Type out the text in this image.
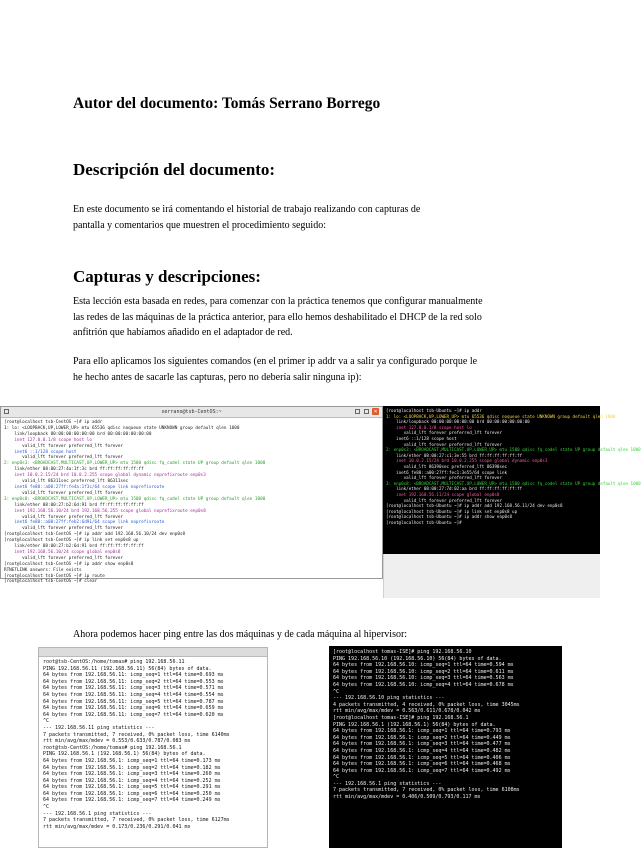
Autor del documento: Tomás Serrano Borrego
Descripción del documento:
En este documento se irá comentando el historial de trabajo realizando con capturas de
pantalla y comentarios que muestren el procedimiento seguido:
Capturas y descripciones:
Esta lección esta basada en redes, para comenzar con la práctica tenemos que configurar manualmente
las redes de las máquinas de la práctica anterior, para ello hemos deshabilitado el DHCP de la red solo
anfitrión que habíamos añadido en el adaptador de red.
Para ello aplicamos los siguientes comandos (en el primer ip addr va a salir ya configurado porque le
he hecho antes de sacarle las capturas, pero no debería salir ninguna ip):
serrano@tsb-CentOS:~	×
[root@localhost tsb-CentOS ~]# ip addr
1: lo: <LOOPBACK,UP,LOWER_UP> mtu 65536 qdisc noqueue state UNKNOWN group default qlen 1000
link/loopback 00:00:00:00:00:00 brd 00:00:00:00:00:00
inet 127.0.0.1/8 scope host lo
valid_lft forever preferred_lft forever
inet6 ::1/128 scope host
valid_lft forever preferred_lft forever
2: enp0s3: <BROADCAST,MULTICAST,UP,LOWER_UP> mtu 1500 qdisc fq_codel state UP group default qlen 1000
link/ether 08:00:27:4a:1f:3c brd ff:ff:ff:ff:ff:ff
inet 10.0.2.15/24 brd 10.0.2.255 scope global dynamic noprefixroute enp0s3
valid_lft 86311sec preferred_lft 86311sec
inet6 fe80::a00:27ff:fe4a:1f3c/64 scope link noprefixroute
valid_lft forever preferred_lft forever
3: enp0s8: <BROADCAST,MULTICAST,UP,LOWER_UP> mtu 1500 qdisc fq_codel state UP group default qlen 1000
link/ether 08:00:27:b2:6d:91 brd ff:ff:ff:ff:ff:ff
inet 192.168.56.10/24 brd 192.168.56.255 scope global noprefixroute enp0s8
valid_lft forever preferred_lft forever
inet6 fe80::a00:27ff:feb2:6d91/64 scope link noprefixroute
valid_lft forever preferred_lft forever
[root@localhost tsb-CentOS ~]# ip addr add 192.168.56.10/24 dev enp0s8
[root@localhost tsb-CentOS ~]# ip link set enp0s8 up
link/ether 08:00:27:b2:6d:91 brd ff:ff:ff:ff:ff:ff
inet 192.168.56.10/24 scope global enp0s8
valid_lft forever preferred_lft forever
[root@localhost tsb-CentOS ~]# ip addr show enp0s8
RTNETLINK answers: File exists
[root@localhost tsb-CentOS ~]# ip route
[root@localhost tsb-CentOS ~]# clear
[root@localhost tsb-Ubuntu ~]# ip addr
1: lo: <LOOPBACK,UP,LOWER_UP> mtu 65536 qdisc noqueue state UNKNOWN group default qlen 1000
link/loopback 00:00:00:00:00:00 brd 00:00:00:00:00:00
inet 127.0.0.1/8 scope host lo
valid_lft forever preferred_lft forever
inet6 ::1/128 scope host
valid_lft forever preferred_lft forever
2: enp0s3: <BROADCAST,MULTICAST,UP,LOWER_UP> mtu 1500 qdisc fq_codel state UP group default qlen 1000
link/ether 08:00:27:c1:3e:55 brd ff:ff:ff:ff:ff:ff
inet 10.0.2.15/24 brd 10.0.2.255 scope global dynamic enp0s3
valid_lft 86390sec preferred_lft 86390sec
inet6 fe80::a00:27ff:fec1:3e55/64 scope link
valid_lft forever preferred_lft forever
3: enp0s8: <BROADCAST,MULTICAST,UP,LOWER_UP> mtu 1500 qdisc fq_codel state UP group default qlen 1000
link/ether 08:00:27:7d:02:aa brd ff:ff:ff:ff:ff:ff
inet 192.168.56.11/24 scope global enp0s8
valid_lft forever preferred_lft forever
[root@localhost tsb-Ubuntu ~]# ip addr add 192.168.56.11/24 dev enp0s8
[root@localhost tsb-Ubuntu ~]# ip link set enp0s8 up
[root@localhost tsb-Ubuntu ~]# ip addr show enp0s8
[root@localhost tsb-Ubuntu ~]#
Ahora podemos hacer ping entre las dos máquinas y de cada máquina al hipervisor:
root@tsb-CentOS:/home/tomas# ping 192.168.56.11
PING 192.168.56.11 (192.168.56.11) 56(84) bytes of data.
64 bytes from 192.168.56.11: icmp_seq=1 ttl=64 time=0.693 ms
64 bytes from 192.168.56.11: icmp_seq=2 ttl=64 time=0.553 ms
64 bytes from 192.168.56.11: icmp_seq=3 ttl=64 time=0.571 ms
64 bytes from 192.168.56.11: icmp_seq=4 ttl=64 time=0.554 ms
64 bytes from 192.168.56.11: icmp_seq=5 ttl=64 time=0.787 ms
64 bytes from 192.168.56.11: icmp_seq=6 ttl=64 time=0.659 ms
64 bytes from 192.168.56.11: icmp_seq=7 ttl=64 time=0.620 ms
^C
--- 192.168.56.11 ping statistics ---
7 packets transmitted, 7 received, 0% packet loss, time 6140ms
rtt min/avg/max/mdev = 0.553/0.633/0.787/0.083 ms
root@tsb-CentOS:/home/tomas# ping 192.168.56.1
PING 192.168.56.1 (192.168.56.1) 56(84) bytes of data.
64 bytes from 192.168.56.1: icmp_seq=1 ttl=64 time=0.173 ms
64 bytes from 192.168.56.1: icmp_seq=2 ttl=64 time=0.182 ms
64 bytes from 192.168.56.1: icmp_seq=3 ttl=64 time=0.260 ms
64 bytes from 192.168.56.1: icmp_seq=4 ttl=64 time=0.252 ms
64 bytes from 192.168.56.1: icmp_seq=5 ttl=64 time=0.291 ms
64 bytes from 192.168.56.1: icmp_seq=6 ttl=64 time=0.250 ms
64 bytes from 192.168.56.1: icmp_seq=7 ttl=64 time=0.249 ms
^C
--- 192.168.56.1 ping statistics ---
7 packets transmitted, 7 received, 0% packet loss, time 6127ms
rtt min/avg/max/mdev = 0.173/0.236/0.291/0.041 ms
[root@localhost tomas-ISE]# ping 192.168.56.10
PING 192.168.56.10 (192.168.56.10) 56(84) bytes of data.
64 bytes from 192.168.56.10: icmp_seq=1 ttl=64 time=0.594 ms
64 bytes from 192.168.56.10: icmp_seq=2 ttl=64 time=0.611 ms
64 bytes from 192.168.56.10: icmp_seq=3 ttl=64 time=0.563 ms
64 bytes from 192.168.56.10: icmp_seq=4 ttl=64 time=0.678 ms
^C
--- 192.168.56.10 ping statistics ---
4 packets transmitted, 4 received, 0% packet loss, time 3045ms
rtt min/avg/max/mdev = 0.563/0.611/0.678/0.042 ms
[root@localhost tomas-ISE]# ping 192.168.56.1
PING 192.168.56.1 (192.168.56.1) 56(84) bytes of data.
64 bytes from 192.168.56.1: icmp_seq=1 ttl=64 time=0.793 ms
64 bytes from 192.168.56.1: icmp_seq=2 ttl=64 time=0.449 ms
64 bytes from 192.168.56.1: icmp_seq=3 ttl=64 time=0.477 ms
64 bytes from 192.168.56.1: icmp_seq=4 ttl=64 time=0.482 ms
64 bytes from 192.168.56.1: icmp_seq=5 ttl=64 time=0.406 ms
64 bytes from 192.168.56.1: icmp_seq=6 ttl=64 time=0.468 ms
64 bytes from 192.168.56.1: icmp_seq=7 ttl=64 time=0.492 ms
^C
--- 192.168.56.1 ping statistics ---
7 packets transmitted, 7 received, 0% packet loss, time 6108ms
rtt min/avg/max/mdev = 0.406/0.509/0.793/0.117 ms
